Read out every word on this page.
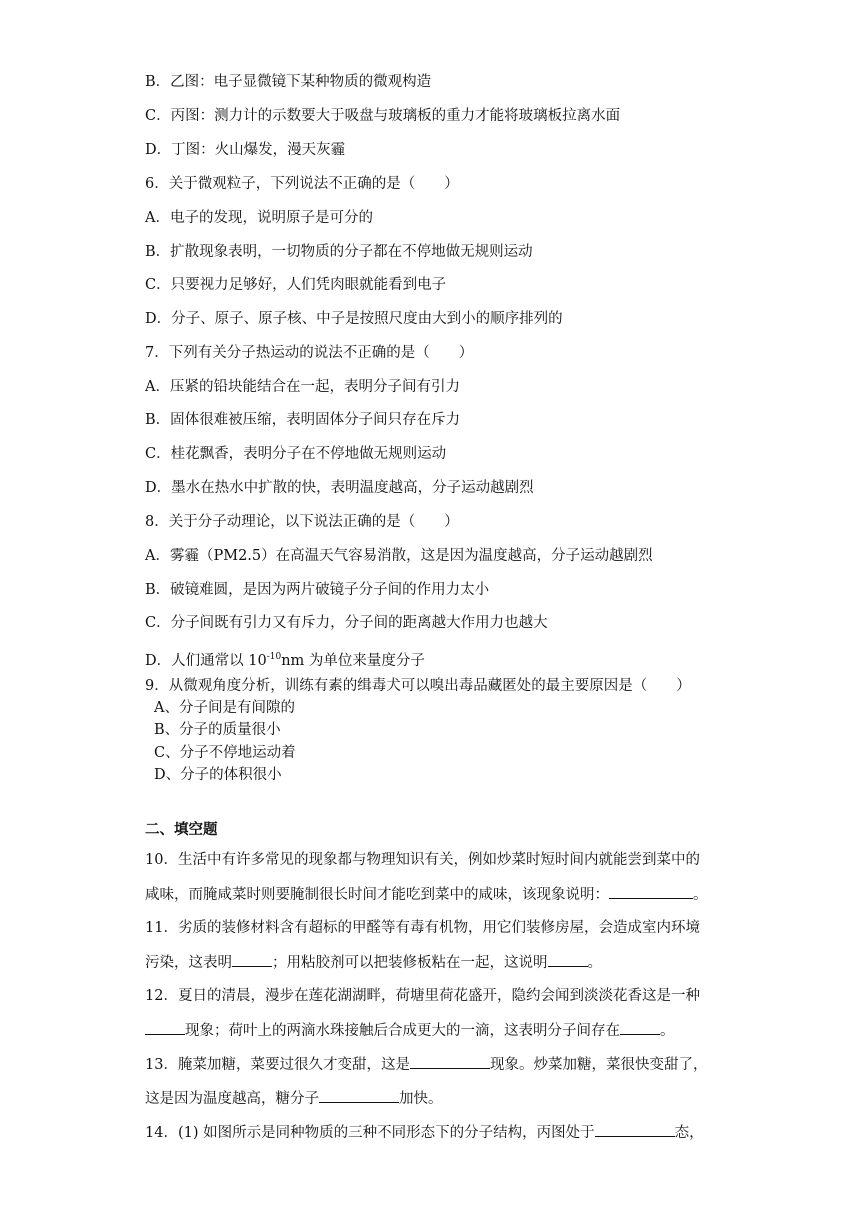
B．乙图：电子显微镜下某种物质的微观构造
C．丙图：测力计的示数要大于吸盘与玻璃板的重力才能将玻璃板拉离水面
D．丁图：火山爆发，漫天灰霾
6．关于微观粒子，下列说法不正确的是（　　）
A．电子的发现，说明原子是可分的
B．扩散现象表明，一切物质的分子都在不停地做无规则运动
C．只要视力足够好，人们凭肉眼就能看到电子
D．分子、原子、原子核、中子是按照尺度由大到小的顺序排列的
7．下列有关分子热运动的说法不正确的是（　　）
A．压紧的铅块能结合在一起，表明分子间有引力
B．固体很难被压缩，表明固体分子间只存在斥力
C．桂花飘香，表明分子在不停地做无规则运动
D．墨水在热水中扩散的快，表明温度越高，分子运动越剧烈
8．关于分子动理论，以下说法正确的是（　　）
A．雾霾（PM2.5）在高温天气容易消散，这是因为温度越高，分子运动越剧烈
B．破镜难圆，是因为两片破镜子分子间的作用力太小
C．分子间既有引力又有斥力，分子间的距离越大作用力也越大
D．人们通常以 $10^{-10}nm$ 为单位来量度分子
9．从微观角度分析，训练有素的缉毒犬可以嗅出毒品藏匿处的最主要原因是（　　）
A、分子间是有间隙的
B、分子的质量很小
C、分子不停地运动着
D、分子的体积很小
二、填空题
10．生活中有许多常见的现象都与物理知识有关，例如炒菜时短时间内就能尝到菜中的
咸味，而腌咸菜时则要腌制很长时间才能吃到菜中的咸味，该现象说明：	。
11．劣质的装修材料含有超标的甲醛等有毒有机物，用它们装修房屋，会造成室内环境
污染，这表明	；用粘胶剂可以把装修板粘在一起，这说明	。
12．夏日的清晨，漫步在莲花湖湖畔，荷塘里荷花盛开，隐约会闻到淡淡花香这是一种
现象；荷叶上的两滴水珠接触后合成更大的一滴，这表明分子间存在	。
13．腌菜加糖，菜要过很久才变甜，这是	现象。炒菜加糖，菜很快变甜了，
这是因为温度越高，糖分子	加快。
14．(1) 如图所示是同种物质的三种不同形态下的分子结构，丙图处于	态，
